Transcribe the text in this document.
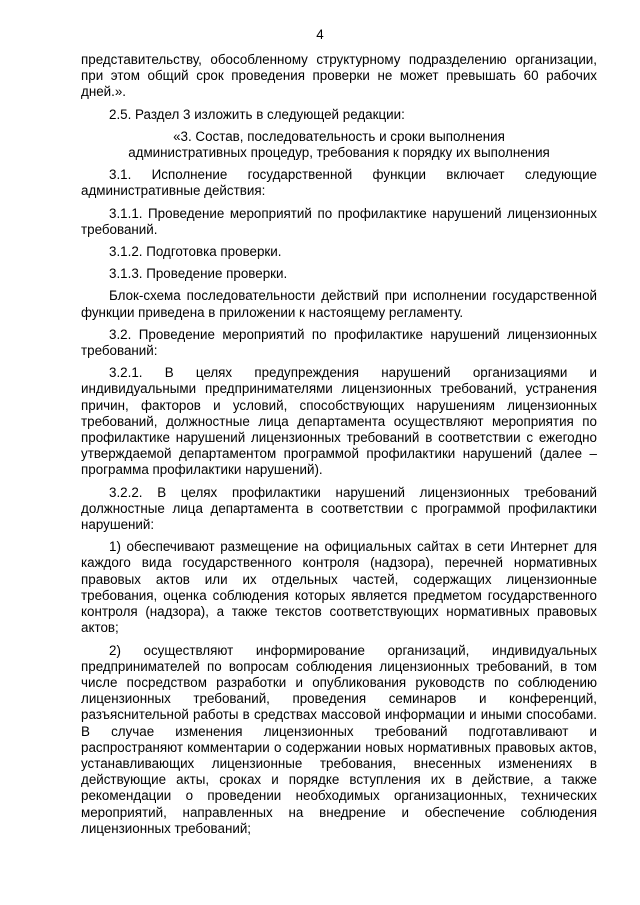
4

представительству, обособленному структурному подразделению организации, при этом общий срок проведения проверки не может превышать 60 рабочих дней.».

2.5. Раздел 3 изложить в следующей редакции:

«3. Состав, последовательность и сроки выполнения
административных процедур, требования к порядку их выполнения

3.1. Исполнение государственной функции включает следующие административные действия:

3.1.1. Проведение мероприятий по профилактике нарушений лицензионных требований.

3.1.2. Подготовка проверки.

3.1.3. Проведение проверки.

Блок-схема последовательности действий при исполнении государственной функции приведена в приложении к настоящему регламенту.

3.2. Проведение мероприятий по профилактике нарушений лицензионных требований:

3.2.1. В целях предупреждения нарушений организациями и индивидуальными предпринимателями лицензионных требований, устранения причин, факторов и условий, способствующих нарушениям лицензионных требований, должностные лица департамента осуществляют мероприятия по профилактике нарушений лицензионных требований в соответствии с ежегодно утверждаемой департаментом программой профилактики нарушений (далее – программа профилактики нарушений).

3.2.2. В целях профилактики нарушений лицензионных требований должностные лица департамента в соответствии с программой профилактики нарушений:

1) обеспечивают размещение на официальных сайтах в сети Интернет для каждого вида государственного контроля (надзора), перечней нормативных правовых актов или их отдельных частей, содержащих лицензионные требования, оценка соблюдения которых является предметом государственного контроля (надзора), а также текстов соответствующих нормативных правовых актов;

2) осуществляют информирование организаций, индивидуальных предпринимателей по вопросам соблюдения лицензионных требований, в том числе посредством разработки и опубликования руководств по соблюдению лицензионных требований, проведения семинаров и конференций, разъяснительной работы в средствах массовой информации и иными способами. В случае изменения лицензионных требований подготавливают и распространяют комментарии о содержании новых нормативных правовых актов, устанавливающих лицензионные требования, внесенных изменениях в действующие акты, сроках и порядке вступления их в действие, а также рекомендации о проведении необходимых организационных, технических мероприятий, направленных на внедрение и обеспечение соблюдения лицензионных требований;
